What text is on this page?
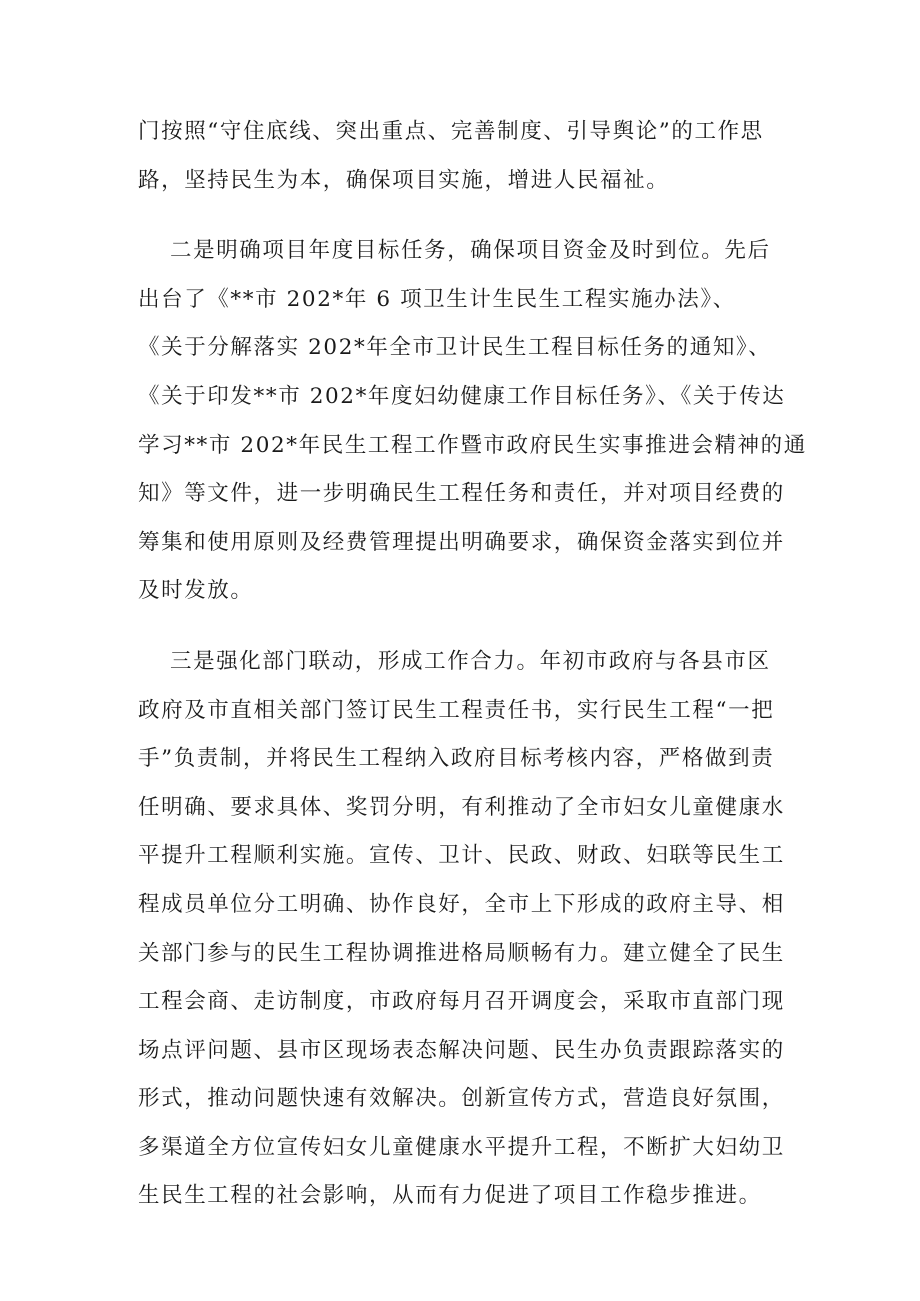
门按照“守住底线、突出重点、完善制度、引导舆论”的工作思
路，坚持民生为本，确保项目实施，增进人民福祉。
二是明确项目年度目标任务，确保项目资金及时到位。先后
出台了《**市 202*年 6 项卫生计生民生工程实施办法》、
《关于分解落实 202*年全市卫计民生工程目标任务的通知》、
《关于印发**市 202*年度妇幼健康工作目标任务》、《关于传达
学习**市 202*年民生工程工作暨市政府民生实事推进会精神的通
知》等文件，进一步明确民生工程任务和责任，并对项目经费的
筹集和使用原则及经费管理提出明确要求，确保资金落实到位并
及时发放。
三是强化部门联动，形成工作合力。年初市政府与各县市区
政府及市直相关部门签订民生工程责任书，实行民生工程“一把
手”负责制，并将民生工程纳入政府目标考核内容，严格做到责
任明确、要求具体、奖罚分明，有利推动了全市妇女儿童健康水
平提升工程顺利实施。宣传、卫计、民政、财政、妇联等民生工
程成员单位分工明确、协作良好，全市上下形成的政府主导、相
关部门参与的民生工程协调推进格局顺畅有力。建立健全了民生
工程会商、走访制度，市政府每月召开调度会，采取市直部门现
场点评问题、县市区现场表态解决问题、民生办负责跟踪落实的
形式，推动问题快速有效解决。创新宣传方式，营造良好氛围，
多渠道全方位宣传妇女儿童健康水平提升工程，不断扩大妇幼卫
生民生工程的社会影响，从而有力促进了项目工作稳步推进。
